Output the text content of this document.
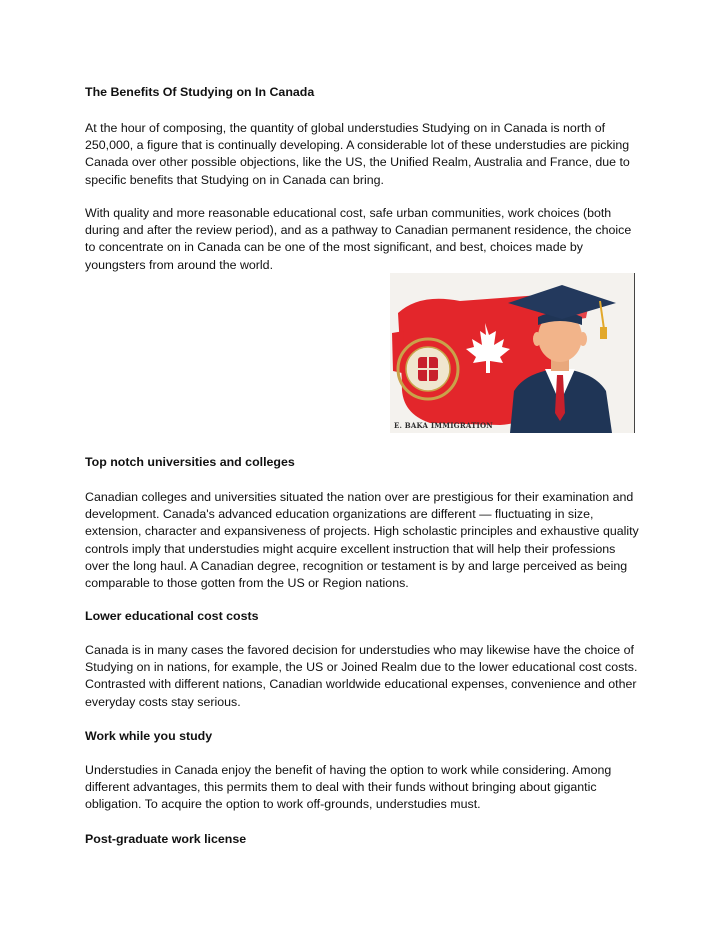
The Benefits Of Studying on In Canada

At the hour of composing, the quantity of global understudies Studying on in Canada is north of 250,000, a figure that is continually developing. A considerable lot of these understudies are picking Canada over other possible objections, like the US, the Unified Realm, Australia and France, due to specific benefits that Studying on in Canada can bring.

With quality and more reasonable educational cost, safe urban communities, work choices (both during and after the review period), and as a pathway to Canadian permanent residence, the choice to concentrate on in Canada can be one of the most significant, and best, choices made by youngsters from around the world.

E. BAKA IMMIGRATION

Top notch universities and colleges

Canadian colleges and universities situated the nation over are prestigious for their examination and development. Canada's advanced education organizations are different — fluctuating in size, extension, character and expansiveness of projects. High scholastic principles and exhaustive quality controls imply that understudies might acquire excellent instruction that will help their professions over the long haul. A Canadian degree, recognition or testament is by and large perceived as being comparable to those gotten from the US or Region nations.

Lower educational cost costs

Canada is in many cases the favored decision for understudies who may likewise have the choice of Studying on in nations, for example, the US or Joined Realm due to the lower educational cost costs. Contrasted with different nations, Canadian worldwide educational expenses, convenience and other everyday costs stay serious.

Work while you study

Understudies in Canada enjoy the benefit of having the option to work while considering. Among different advantages, this permits them to deal with their funds without bringing about gigantic obligation. To acquire the option to work off-grounds, understudies must.

Post-graduate work license
